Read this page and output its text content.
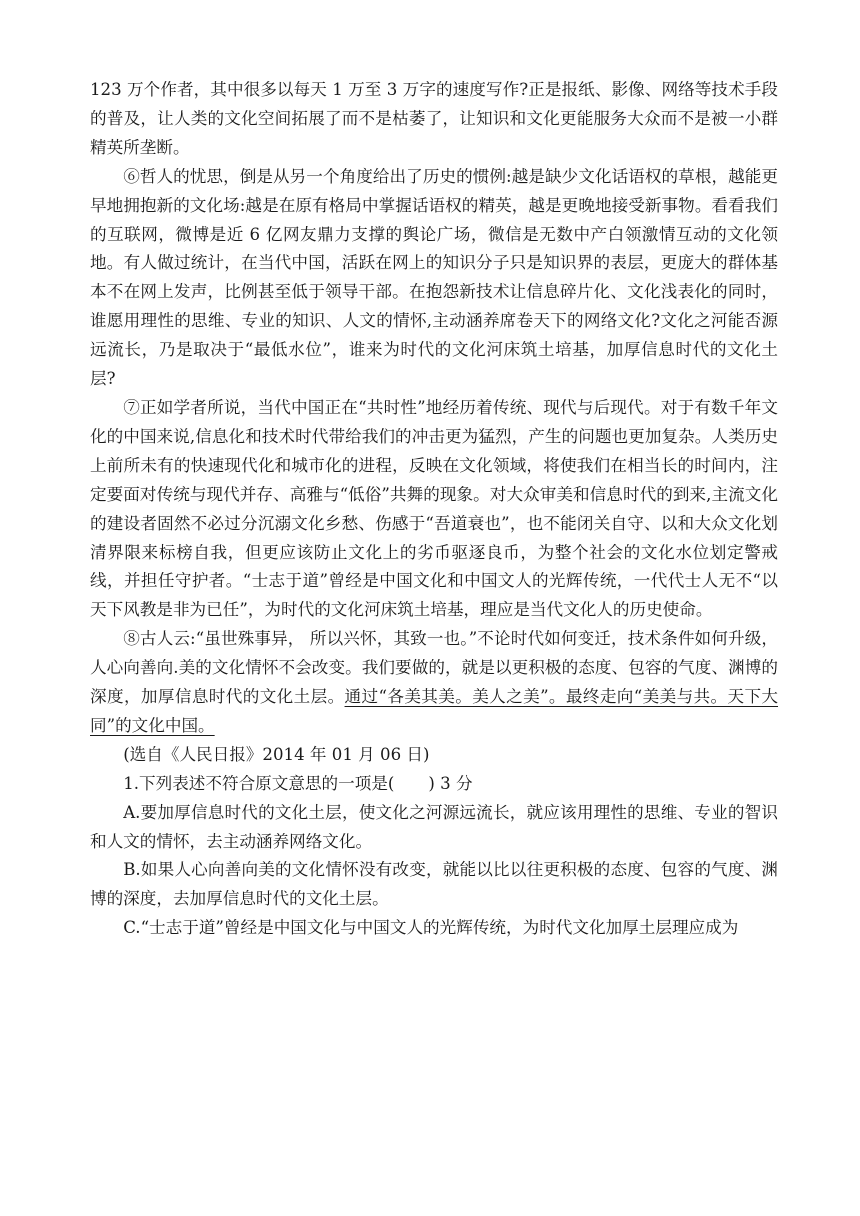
123 万个作者，其中很多以每天 1 万至 3 万字的速度写作?正是报纸、影像、网络等技术手段的普及，让人类的文化空间拓展了而不是枯萎了，让知识和文化更能服务大众而不是被一小群精英所垄断。

⑥哲人的忧思，倒是从另一个角度给出了历史的惯例:越是缺少文化话语权的草根，越能更早地拥抱新的文化场:越是在原有格局中掌握话语权的精英，越是更晚地接受新事物。看看我们的互联网，微博是近 6 亿网友鼎力支撑的舆论广场，微信是无数中产白领激情互动的文化领地。有人做过统计，在当代中国，活跃在网上的知识分子只是知识界的表层，更庞大的群体基本不在网上发声，比例甚至低于领导干部。在抱怨新技术让信息碎片化、文化浅表化的同时，谁愿用理性的思维、专业的知识、人文的情怀,主动涵养席卷天下的网络文化?文化之河能否源远流长，乃是取决于“最低水位”，谁来为时代的文化河床筑土培基，加厚信息时代的文化土层?

⑦正如学者所说，当代中国正在“共时性”地经历着传统、现代与后现代。对于有数千年文化的中国来说,信息化和技术时代带给我们的冲击更为猛烈，产生的问题也更加复杂。人类历史上前所未有的快速现代化和城市化的进程，反映在文化领域，将使我们在相当长的时间内，注定要面对传统与现代并存、高雅与“低俗”共舞的现象。对大众审美和信息时代的到来,主流文化的建设者固然不必过分沉溺文化乡愁、伤感于“吾道衰也”，也不能闭关自守、以和大众文化划清界限来标榜自我，但更应该防止文化上的劣币驱逐良币，为整个社会的文化水位划定警戒线，并担任守护者。“士志于道”曾经是中国文化和中国文人的光辉传统，一代代士人无不“以天下风教是非为已任”，为时代的文化河床筑土培基，理应是当代文化人的历史使命。

⑧古人云:“虽世殊事异， 所以兴怀，其致一也。”不论时代如何变迁，技术条件如何升级，人心向善向.美的文化情怀不会改变。我们要做的，就是以更积极的态度、包容的气度、渊博的深度，加厚信息时代的文化土层。通过“各美其美。美人之美”。最终走向“美美与共。天下大同”的文化中国。

(选自《人民日报》2014 年 01 月 06 日)

1.下列表述不符合原文意思的一项是( ) 3 分

A.要加厚信息时代的文化土层，使文化之河源远流长，就应该用理性的思维、专业的智识和人文的情怀，去主动涵养网络文化。

B.如果人心向善向美的文化情怀没有改变，就能以比以往更积极的态度、包容的气度、渊博的深度，去加厚信息时代的文化土层。

C.“士志于道”曾经是中国文化与中国文人的光辉传统，为时代文化加厚土层理应成为
